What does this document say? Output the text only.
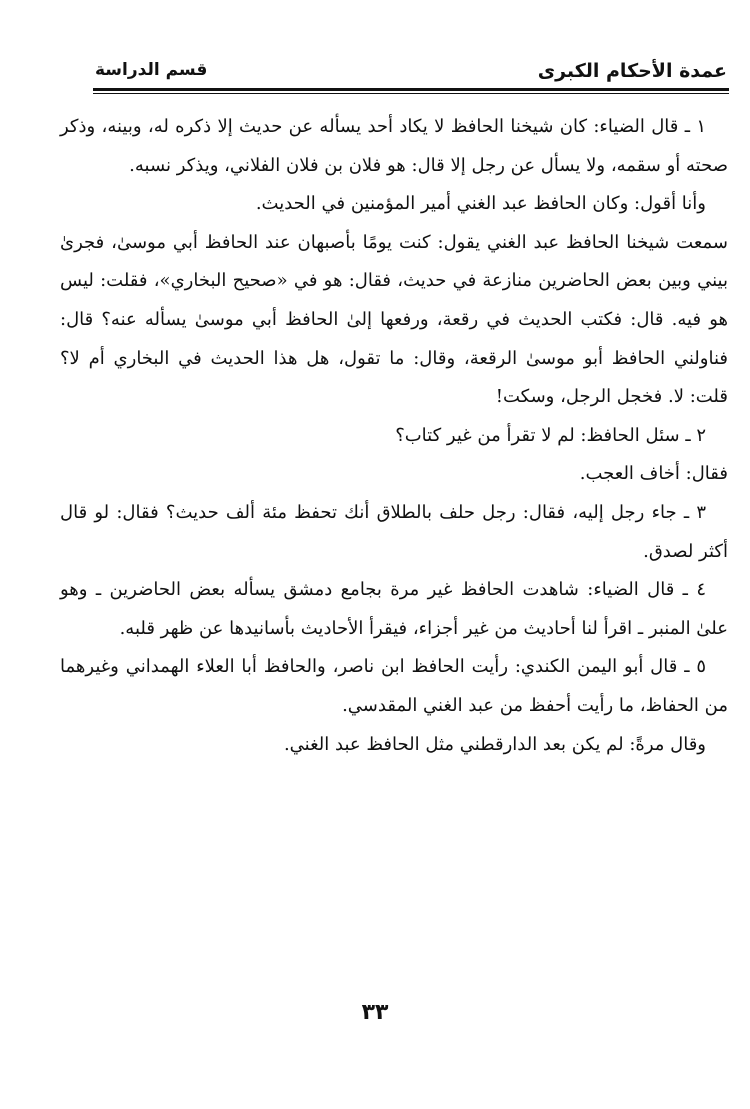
عمدة الأحكام الكبرى
قسم الدراسة

١ ـ قال الضياء: كان شيخنا الحافظ لا يكاد أحد يسأله عن حديث إلا ذكره له، وبينه، وذكر صحته أو سقمه، ولا يسأل عن رجل إلا قال: هو فلان بن فلان الفلاني، ويذكر نسبه.

وأنا أقول: وكان الحافظ عبد الغني أمير المؤمنين في الحديث.

سمعت شيخنا الحافظ عبد الغني يقول: كنت يومًا بأصبهان عند الحافظ أبي موسىٰ، فجرىٰ بيني وبين بعض الحاضرين منازعة في حديث، فقال: هو في «صحيح البخاري»، فقلت: ليس هو فيه. قال: فكتب الحديث في رقعة، ورفعها إلىٰ الحافظ أبي موسىٰ يسأله عنه؟ قال: فناولني الحافظ أبو موسىٰ الرقعة، وقال: ما تقول، هل هذا الحديث في البخاري أم لا؟ قلت: لا. فخجل الرجل، وسكت!

٢ ـ سئل الحافظ: لم لا تقرأ من غير كتاب؟

فقال: أخاف العجب.

٣ ـ جاء رجل إليه، فقال: رجل حلف بالطلاق أنك تحفظ مئة ألف حديث؟ فقال: لو قال أكثر لصدق.

٤ ـ قال الضياء: شاهدت الحافظ غير مرة بجامع دمشق يسأله بعض الحاضرين ـ وهو علىٰ المنبر ـ اقرأ لنا أحاديث من غير أجزاء، فيقرأ الأحاديث بأسانيدها عن ظهر قلبه.

٥ ـ قال أبو اليمن الكندي: رأيت الحافظ ابن ناصر، والحافظ أبا العلاء الهمداني وغيرهما من الحفاظ، ما رأيت أحفظ من عبد الغني المقدسي.

وقال مرةً: لم يكن بعد الدارقطني مثل الحافظ عبد الغني.

٣٣
